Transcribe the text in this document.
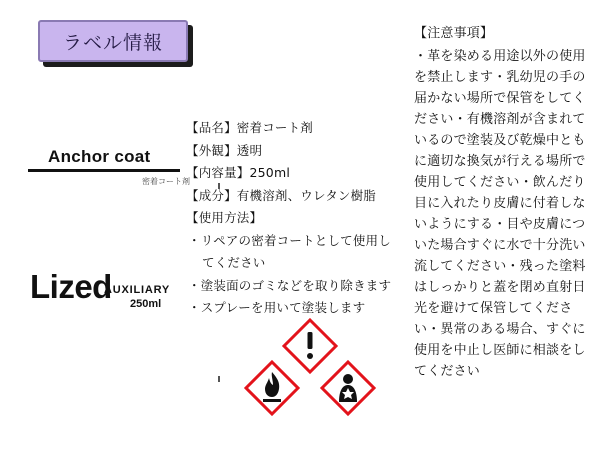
ラベル情報
Anchor coat
密着コート剤
Lized
AUXILIARY
250ml
【品名】密着コート剤
【外観】透明
【内容量】250ml
【成分】有機溶剤、ウレタン樹脂
【使用方法】
・リペアの密着コートとして使用し
てください
・塗装面のゴミなどを取り除きます
・スプレーを用いて塗装します
【注意事項】
・革を染める用途以外の使用を禁止します・乳幼児の手の届かない場所で保管をしてください・有機溶剤が含まれているので塗装及び乾燥中ともに適切な換気が行える場所で使用してください・飲んだり目に入れたり皮膚に付着しないようにする・目や皮膚についた場合すぐに水で十分洗い流してください・残った塗料はしっかりと蓋を閉め直射日光を避けて保管してください・異常のある場合、すぐに使用を中止し医師に相談をしてください
